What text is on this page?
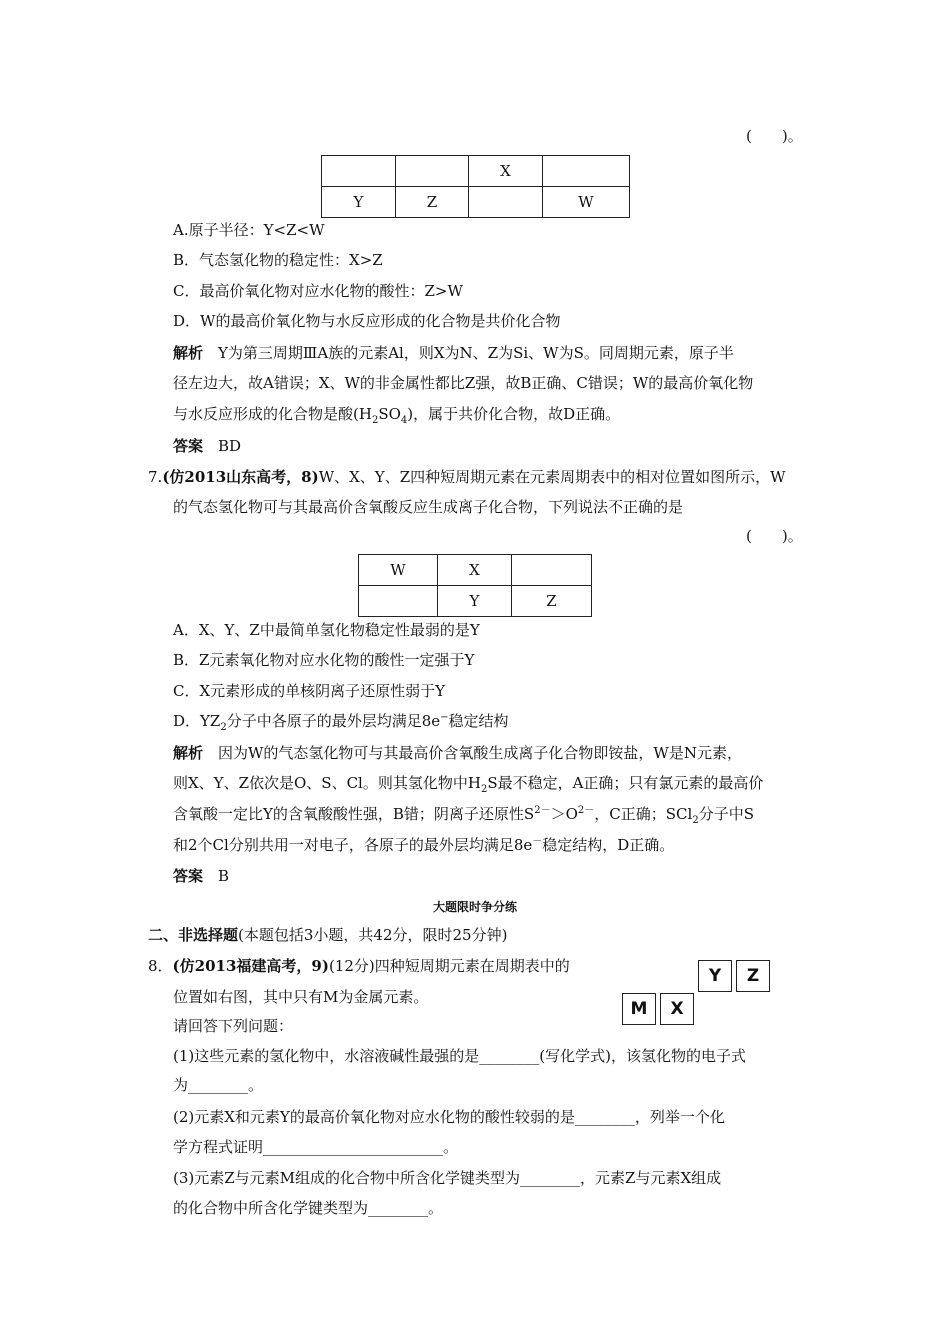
(　　)。
		X	
Y	Z		W
A.原子半径：Y<Z<W
B．气态氢化物的稳定性：X>Z
C．最高价氧化物对应水化物的酸性：Z>W
D．W的最高价氧化物与水反应形成的化合物是共价化合物
解析　Y为第三周期ⅢA族的元素Al，则X为N、Z为Si、W为S。同周期元素，原子半
径左边大，故A错误；X、W的非金属性都比Z强，故B正确、C错误；W的最高价氧化物
与水反应形成的化合物是酸$(H_2SO_4)$，属于共价化合物，故D正确。
答案　BD
7.(仿2013山东高考，8)W、X、Y、Z四种短周期元素在元素周期表中的相对位置如图所示，W
的气态氢化物可与其最高价含氧酸反应生成离子化合物，下列说法不正确的是
(　　)。
W	X	
	Y	Z
A．X、Y、Z中最简单氢化物稳定性最弱的是Y
B．Z元素氧化物对应水化物的酸性一定强于Y
C．X元素形成的单核阴离子还原性弱于Y
D．$YZ_2$分子中各原子的最外层均满足8e−稳定结构
解析　因为W的气态氢化物可与其最高价含氧酸生成离子化合物即铵盐，W是N元素，
则X、Y、Z依次是O、S、Cl。则其氢化物中$H_2S$最不稳定，A正确；只有氯元素的最高价
含氧酸一定比Y的含氧酸酸性强，B错；阴离子还原性$S^{2-}>O^{2-}$，C正确；SCl$_2$分子中S
和2个Cl分别共用一对电子，各原子的最外层均满足8e－稳定结构，D正确。
答案　B
大题限时争分练
二、非选择题(本题包括3小题，共42分，限时25分钟)
8．(仿2013福建高考，9)(12分)四种短周期元素在周期表中的
位置如右图，其中只有M为金属元素。
请回答下列问题：
Y	Z
M	X
(1)这些元素的氢化物中，水溶液碱性最强的是________(写化学式)，该氢化物的电子式
为________。
(2)元素X和元素Y的最高价氧化物对应水化物的酸性较弱的是________，列举一个化
学方程式证明________________________。
(3)元素Z与元素M组成的化合物中所含化学键类型为________，元素Z与元素X组成
的化合物中所含化学键类型为________。
